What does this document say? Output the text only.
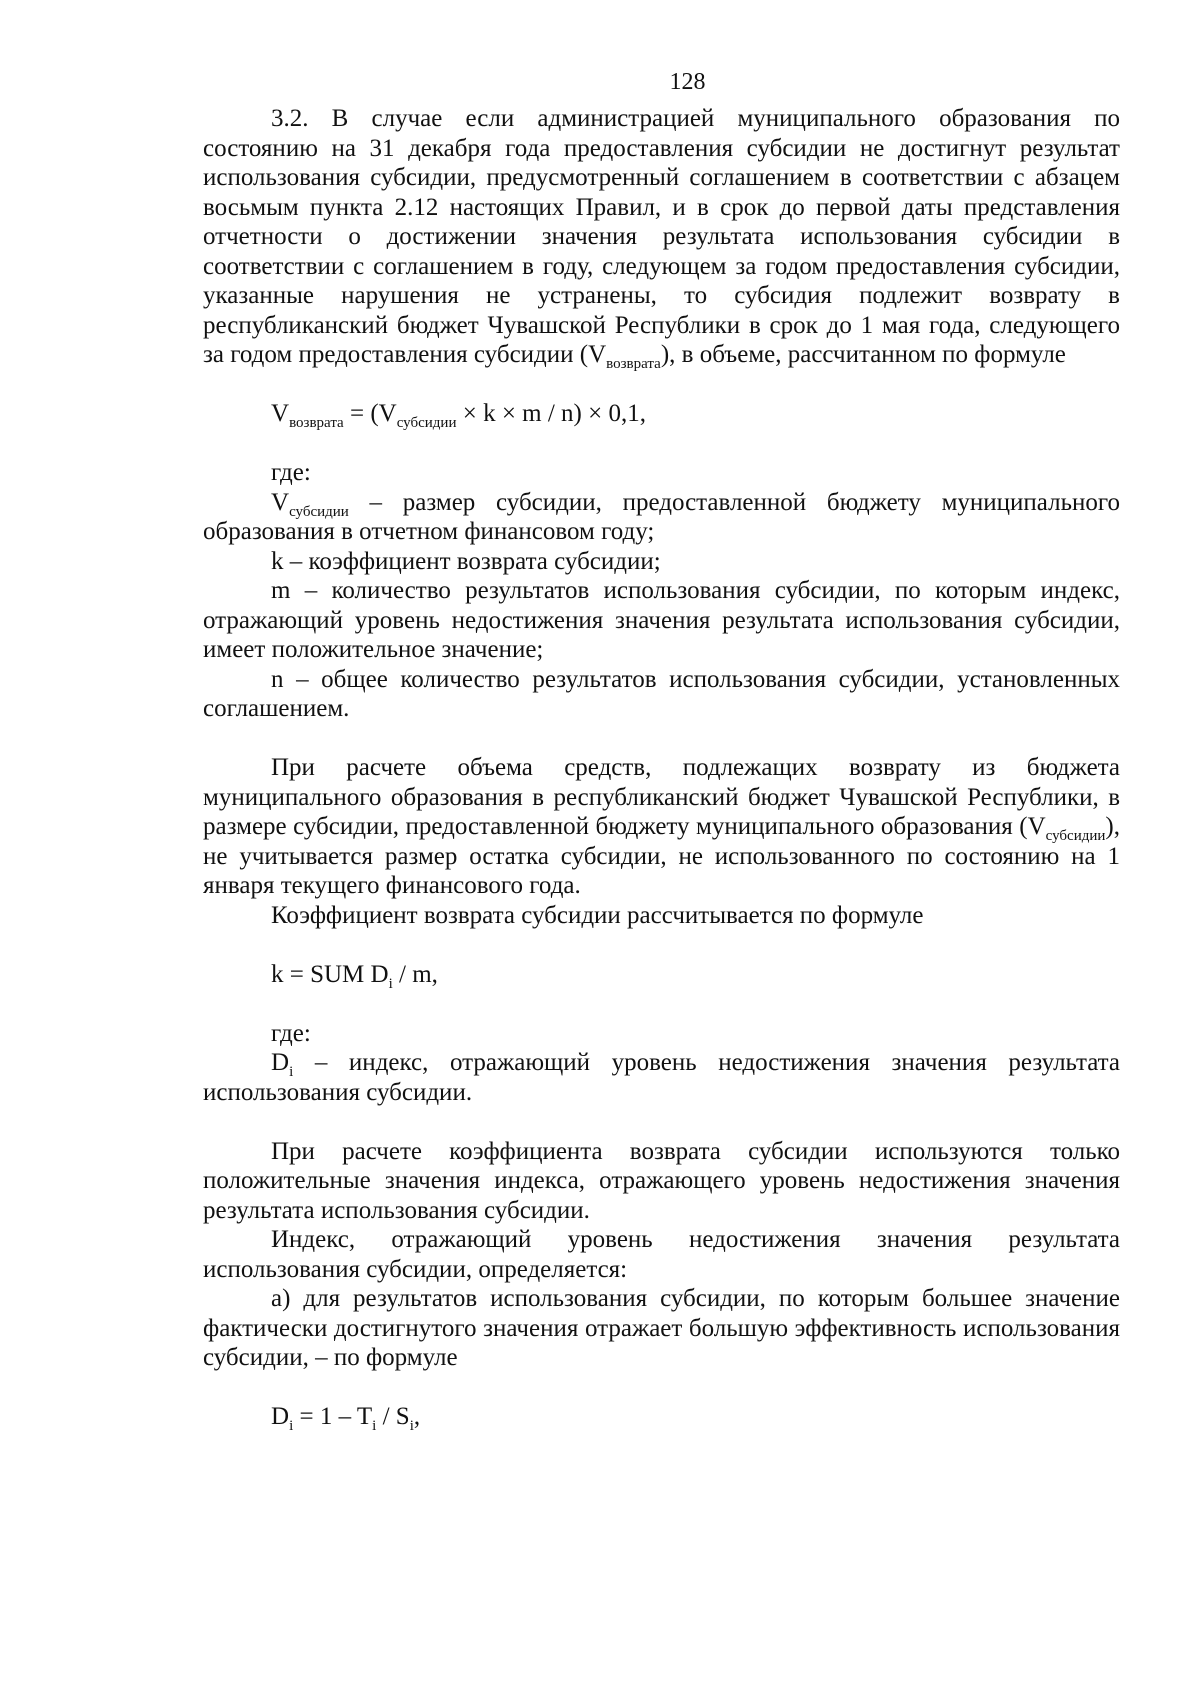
128

3.2. В случае если администрацией муниципального образования по состоянию на 31 декабря года предоставления субсидии не достигнут результат использования субсидии, предусмотренный соглашением в соответствии с абзацем восьмым пункта 2.12 настоящих Правил, и в срок до первой даты представления отчетности о достижении значения результата использования субсидии в соответствии с соглашением в году, следующем за годом предоставления субсидии, указанные нарушения не устранены, то субсидия подлежит возврату в республиканский бюджет Чувашской Республики в срок до 1 мая года, следующего за годом предоставления субсидии $(V_{возврата})$, в объеме, рассчитанном по формуле

$V_{возврата} = (V_{субсидии} \times k \times m / n) \times 0,1$,

где:

$V_{субсидии}$ – размер субсидии, предоставленной бюджету муниципального образования в отчетном финансовом году;

k – коэффициент возврата субсидии;

m – количество результатов использования субсидии, по которым индекс, отражающий уровень недостижения значения результата использования субсидии, имеет положительное значение;

n – общее количество результатов использования субсидии, установленных соглашением.

При расчете объема средств, подлежащих возврату из бюджета муниципального образования в республиканский бюджет Чувашской Республики, в размере субсидии, предоставленной бюджету муниципального образования $(V_{субсидии})$, не учитывается размер остатка субсидии, не использованного по состоянию на 1 января текущего финансового года.

Коэффициент возврата субсидии рассчитывается по формуле

k = SUM $D_i$ / m,

где:

$D_i$ – индекс, отражающий уровень недостижения значения результата использования субсидии.

При расчете коэффициента возврата субсидии используются только положительные значения индекса, отражающего уровень недостижения значения результата использования субсидии.

Индекс, отражающий уровень недостижения значения результата использования субсидии, определяется:

а) для результатов использования субсидии, по которым большее значение фактически достигнутого значения отражает большую эффективность использования субсидии, – по формуле

$D_i = 1 - T_i / S_i$,
